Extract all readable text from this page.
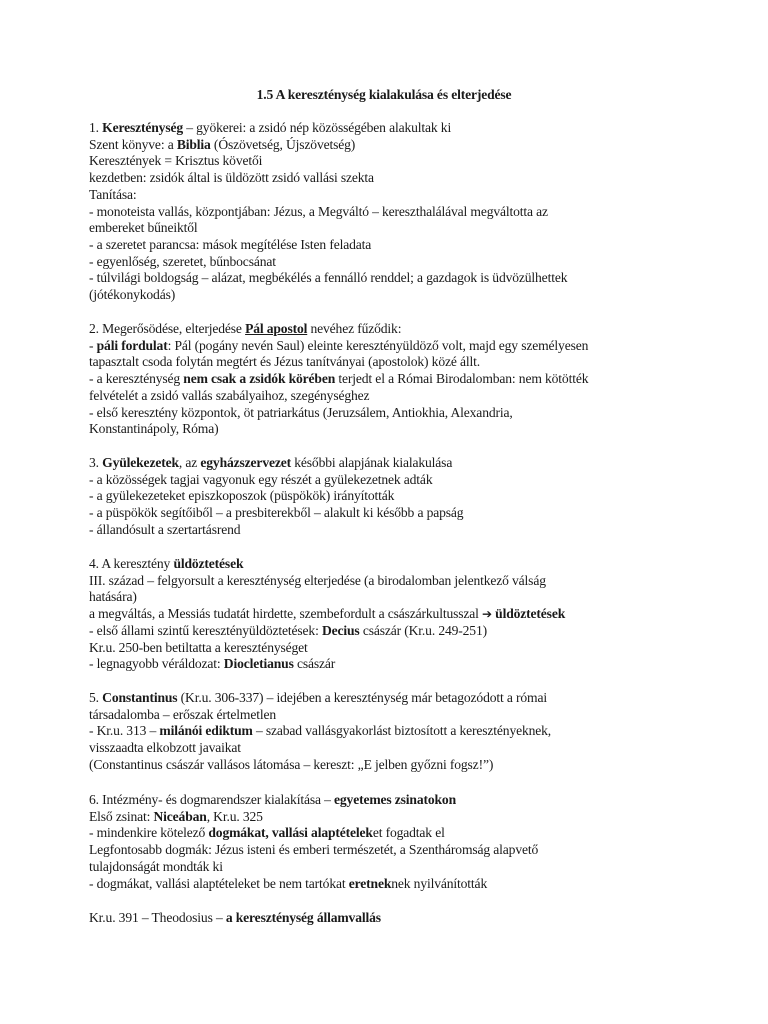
1.5 A kereszténység kialakulása és elterjedése
1. Kereszténység – gyökerei: a zsidó nép közösségében alakultak ki
Szent könyve: a Biblia (Ószövetség, Újszövetség)
Keresztények = Krisztus követői
kezdetben: zsidók által is üldözött zsidó vallási szekta
Tanítása:
- monoteista vallás, központjában: Jézus, a Megváltó – kereszthalálával megváltotta az
embereket bűneiktől
- a szeretet parancsa: mások megítélése Isten feladata
- egyenlőség, szeretet, bűnbocsánat
- túlvilági boldogság – alázat, megbékélés a fennálló renddel; a gazdagok is üdvözülhettek
(jótékonykodás)
2. Megerősödése, elterjedése Pál apostol nevéhez fűződik:
- páli fordulat: Pál (pogány nevén Saul) eleinte keresztényüldöző volt, majd egy személyesen
tapasztalt csoda folytán megtért és Jézus tanítványai (apostolok) közé állt.
- a kereszténység nem csak a zsidók körében terjedt el a Római Birodalomban: nem kötötték
felvételét a zsidó vallás szabályaihoz, szegénységhez
- első keresztény központok, öt patriarkátus (Jeruzsálem, Antiokhia, Alexandria,
Konstantinápoly, Róma)
3. Gyülekezetek, az egyházszervezet későbbi alapjának kialakulása
- a közösségek tagjai vagyonuk egy részét a gyülekezetnek adták
- a gyülekezeteket episzkoposzok (püspökök) irányították
- a püspökök segítőiből – a presbiterekből – alakult ki később a papság
- állandósult a szertartásrend
4. A keresztény üldöztetések
III. század – felgyorsult a kereszténység elterjedése (a birodalomban jelentkező válság
hatására)
a megváltás, a Messiás tudatát hirdette, szembefordult a császárkultusszal ➔ üldöztetések
- első állami szintű keresztényüldöztetések: Decius császár (Kr.u. 249-251)
Kr.u. 250-ben betiltatta a kereszténységet
- legnagyobb véráldozat: Diocletianus császár
5. Constantinus (Kr.u. 306-337) – idejében a kereszténység már betagozódott a római
társadalomba – erőszak értelmetlen
- Kr.u. 313 – milánói ediktum – szabad vallásgyakorlást biztosított a keresztényeknek,
visszaadta elkobzott javaikat
(Constantinus császár vallásos látomása – kereszt: „E jelben győzni fogsz!”)
6. Intézmény- és dogmarendszer kialakítása – egyetemes zsinatokon
Első zsinat: Niceában, Kr.u. 325
- mindenkire kötelező dogmákat, vallási alaptételeket fogadtak el
Legfontosabb dogmák: Jézus isteni és emberi természetét, a Szentháromság alapvető
tulajdonságát mondták ki
- dogmákat, vallási alaptételeket be nem tartókat eretneknek nyilvánították
Kr.u. 391 – Theodosius – a kereszténység államvallás
